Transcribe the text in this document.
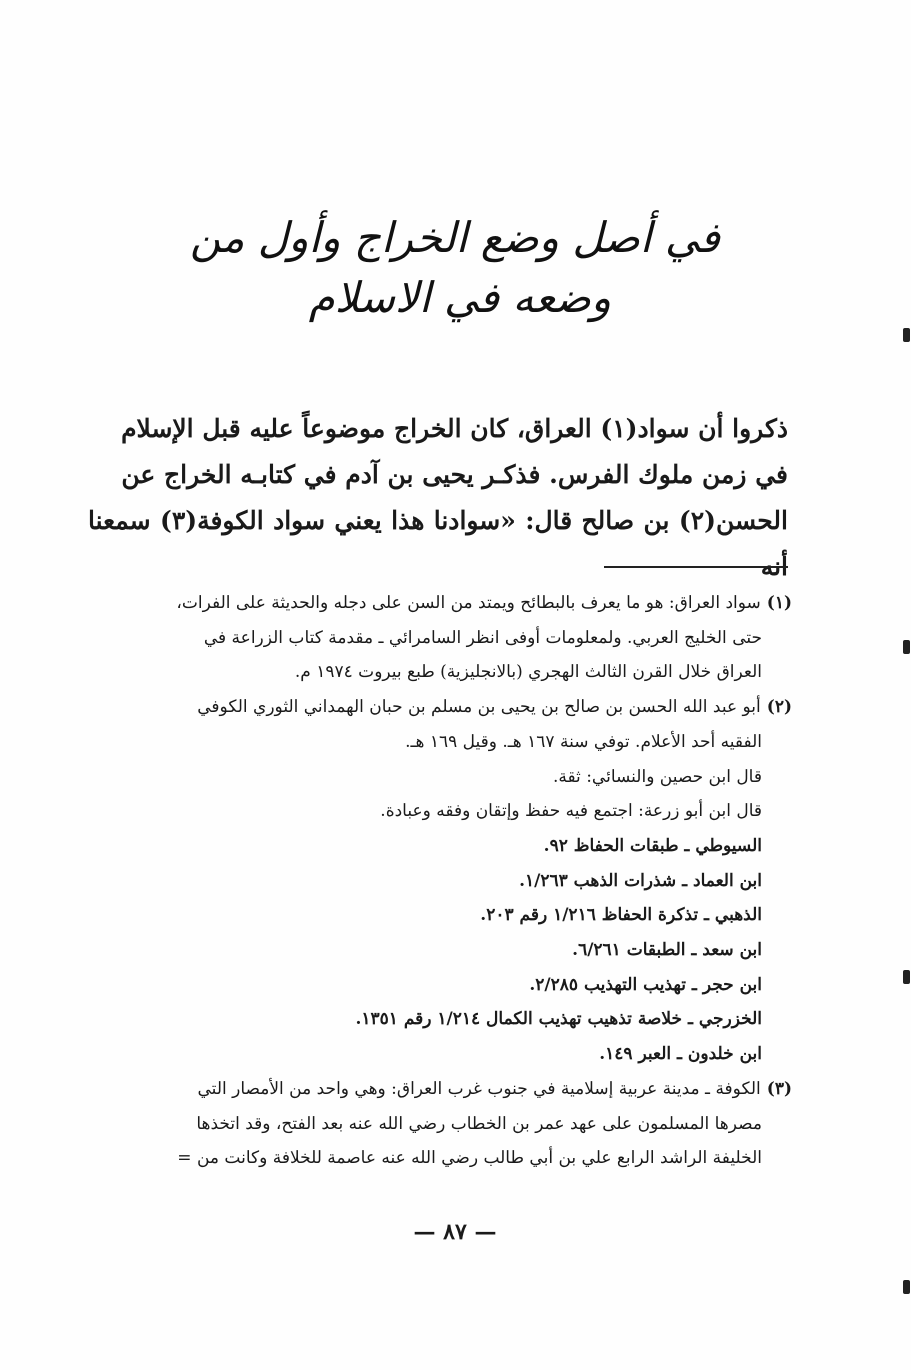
في أصل وضع الخراج وأول من
وضعه في الاسلام

ذكروا أن سواد(١) العراق، كان الخراج موضوعاً عليه قبل الإسلام

في زمن ملوك الفرس. فذكـر يحيى بن آدم في كتابـه الخراج عن

الحسن(٢) بن صالح قال: «سوادنا هذا يعني سواد الكوفة(٣) سمعنا أنه

(١)سواد العراق: هو ما يعرف بالبطائح ويمتد من السن على دجله والحديثة على الفرات،
حتى الخليج العربي. ولمعلومات أوفى انظر السامرائي ـ مقدمة كتاب الزراعة في
العراق خلال القرن الثالث الهجري (بالانجليزية) طبع بيروت ١٩٧٤ م.
(٢)أبو عبد الله الحسن بن صالح بن يحيى بن مسلم بن حبان الهمداني الثوري الكوفي
الفقيه أحد الأعلام. توفي سنة ١٦٧ هـ. وقيل ١٦٩ هـ.
قال ابن حصين والنسائي: ثقة.
قال ابن أبو زرعة: اجتمع فيه حفظ وإتقان وفقه وعبادة.
السيوطي ـ طبقات الحفاظ ٩٢.
ابن العماد ـ شذرات الذهب ١/٢٦٣.
الذهبي ـ تذكرة الحفاظ ١/٢١٦ رقم ٢٠٣.
ابن سعد ـ الطبقات ٦/٢٦١.
ابن حجر ـ تهذيب التهذيب ٢/٢٨٥.
الخزرجي ـ خلاصة تذهيب تهذيب الكمال ١/٢١٤ رقم ١٣٥١.
ابن خلدون ـ العبر ١٤٩.
(٣)الكوفة ـ مدينة عربية إسلامية في جنوب غرب العراق: وهي واحد من الأمصار التي
مصرها المسلمون على عهد عمر بن الخطاب رضي الله عنه بعد الفتح، وقد اتخذها
الخليفة الراشد الرابع علي بن أبي طالب رضي الله عنه عاصمة للخلافة وكانت من =
— ٨٧ —
